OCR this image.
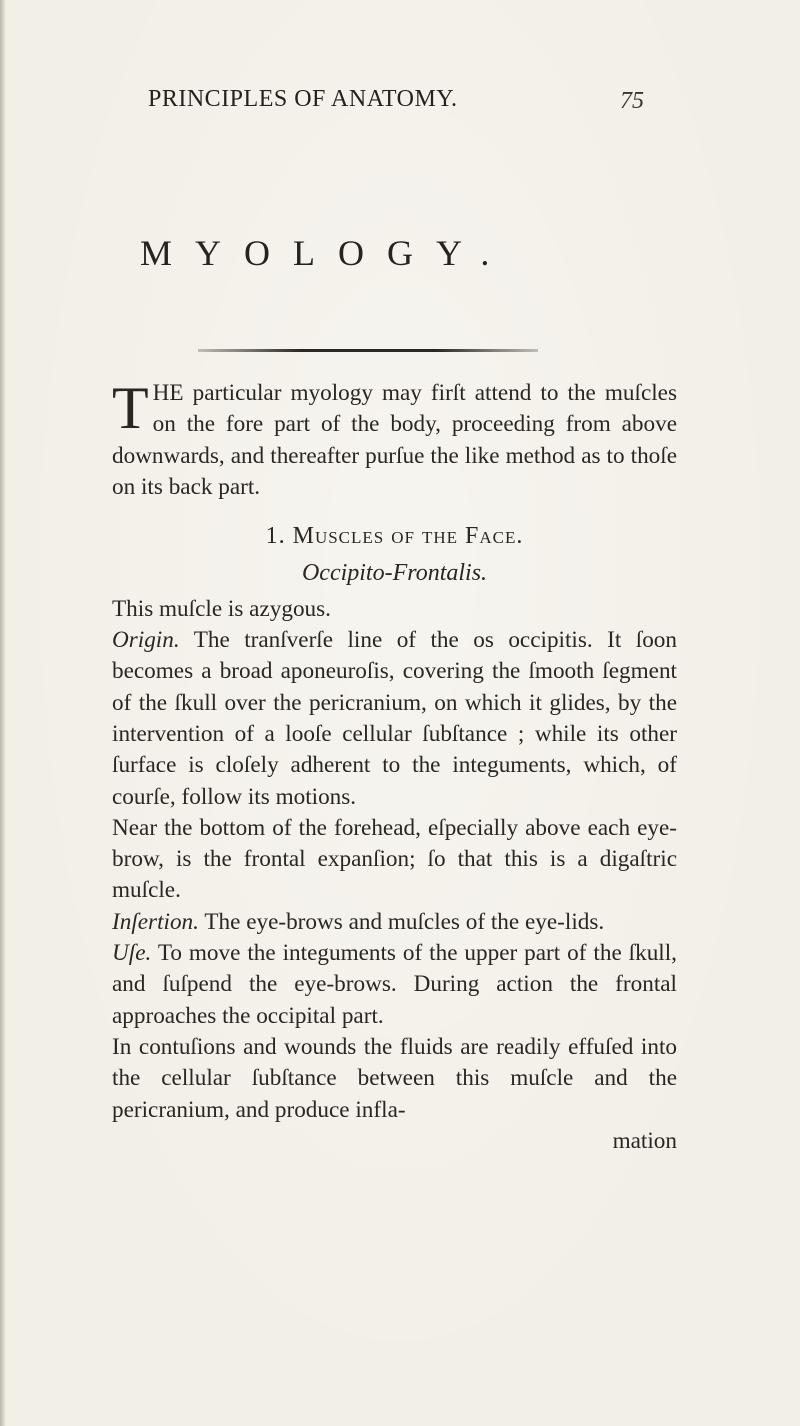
PRINCIPLES OF ANATOMY.	75
MYOLOGY.

THE particular myology may firſt attend to the muſcles on the fore part of the body, proceeding from above downwards, and thereafter purſue the like method as to thoſe on its back part.

1. Muscles of the Face.
Occipito-Frontalis.

This muſcle is azygous.

Origin. The tranſverſe line of the os occipitis. It ſoon becomes a broad aponeuroſis, covering the ſmooth ſegment of the ſkull over the pericranium, on which it glides, by the intervention of a looſe cellular ſubſtance ; while its other ſurface is cloſely adherent to the integuments, which, of courſe, follow its motions.

Near the bottom of the forehead, eſpecially above each eye-brow, is the frontal expanſion; ſo that this is a digaſtric muſcle.

Inſertion. The eye-brows and muſcles of the eye-lids.

Uſe. To move the integuments of the upper part of the ſkull, and ſuſpend the eye-brows. During action the frontal approaches the occipital part.

In contuſions and wounds the fluids are readily effuſed into the cellular ſubſtance between this muſcle and the pericranium, and produce infla-

mation
